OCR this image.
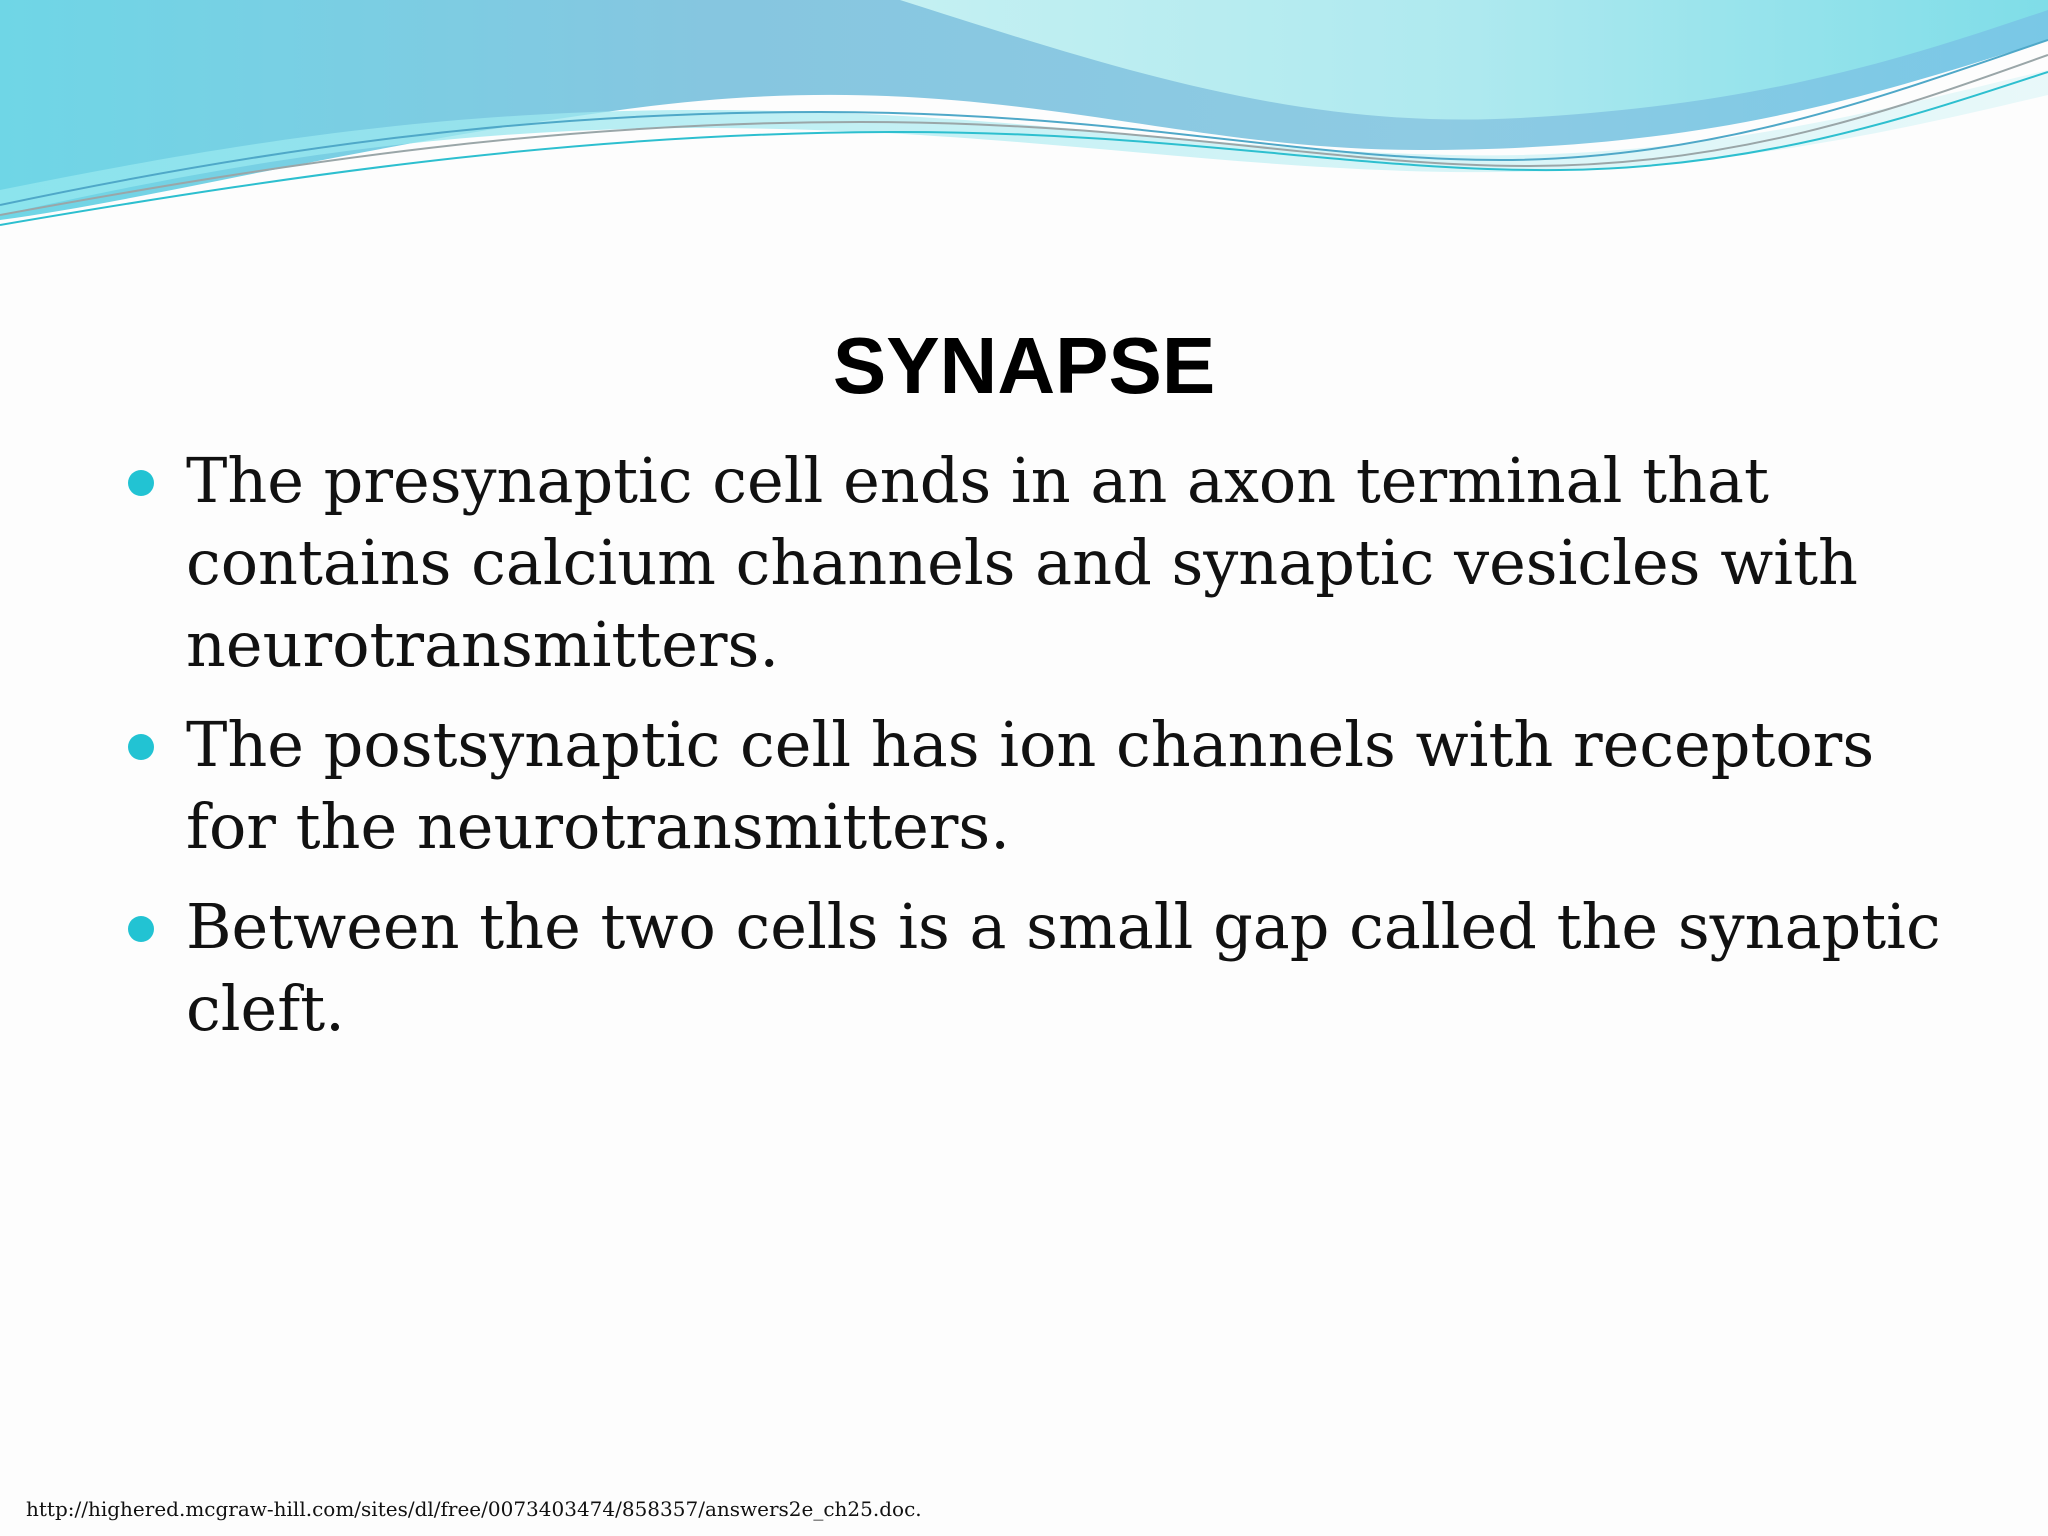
SYNAPSE
The presynaptic cell ends in an axon terminal that contains calcium channels and synaptic vesicles with neurotransmitters.
The postsynaptic cell has ion channels with receptors for the neurotransmitters.
Between the two cells is a small gap called the synaptic cleft.
http://highered.mcgraw-hill.com/sites/dl/free/0073403474/858357/answers2e_ch25.doc.
